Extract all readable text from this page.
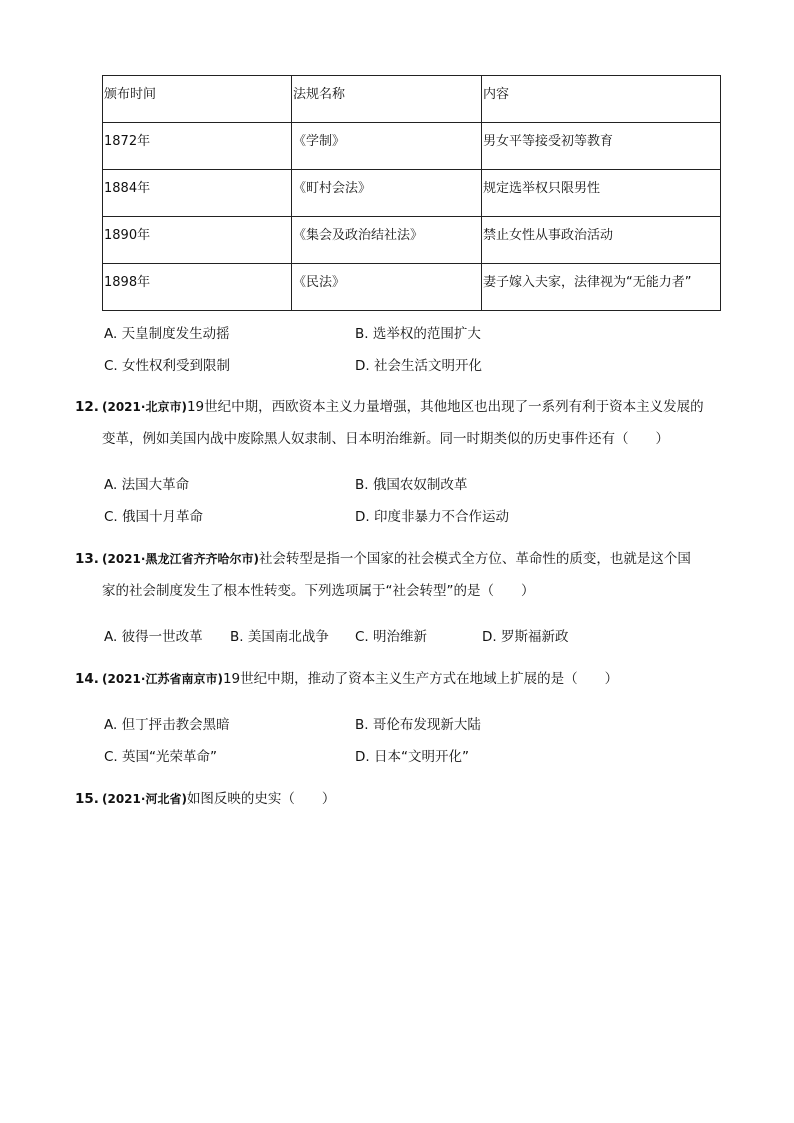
颁布时间	法规名称	内容

1872年	《学制》	男女平等接受初等教育

1884年	《町村会法》	规定选举权只限男性

1890年	《集会及政治结社法》	禁止女性从事政治活动

1898年	《民法》	妻子嫁入夫家，法律视为“无能力者”
A. 天皇制度发生动摇	B. 选举权的范围扩大
C. 女性权利受到限制	D. 社会生活文明开化
12. (2021·北京市)19世纪中期，西欧资本主义力量增强，其他地区也出现了一系列有利于资本主义发展的
变革，例如美国内战中废除黑人奴隶制、日本明治维新。同一时期类似的历史事件还有（　　）
A. 法国大革命	B. 俄国农奴制改革
C. 俄国十月革命	D. 印度非暴力不合作运动
13. (2021·黑龙江省齐齐哈尔市)社会转型是指一个国家的社会模式全方位、革命性的质变，也就是这个国
家的社会制度发生了根本性转变。下列选项属于“社会转型”的是（　　）
A. 彼得一世改革 B. 美国南北战争 C. 明治维新	D. 罗斯福新政
14. (2021·江苏省南京市)19世纪中期，推动了资本主义生产方式在地域上扩展的是（　　）
A. 但丁抨击教会黑暗	B. 哥伦布发现新大陆
C. 英国“光荣革命”	D. 日本“文明开化”
15. (2021·河北省)如图反映的史实（　　）
